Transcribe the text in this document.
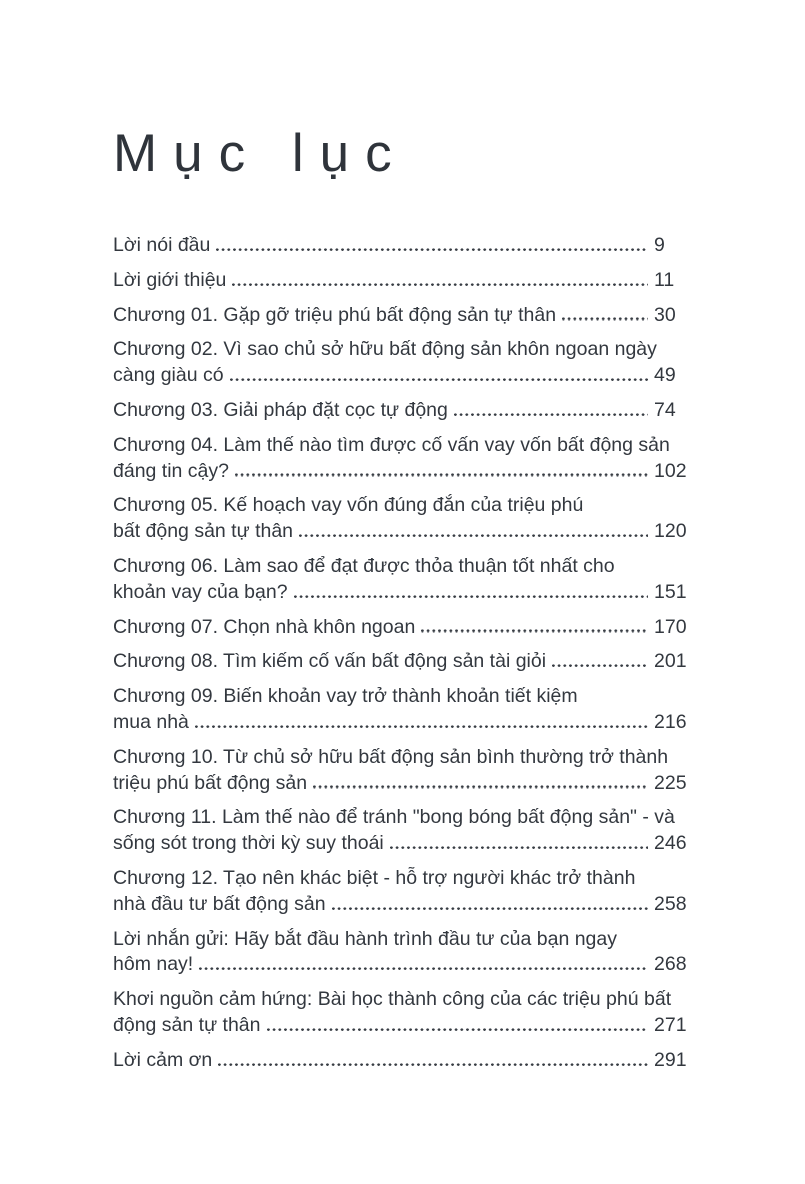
Mục lục
Lời nói đầu	9
Lời giới thiệu	11
Chương 01. Gặp gỡ triệu phú bất động sản tự thân	30
Chương 02. Vì sao chủ sở hữu bất động sản khôn ngoan ngày
càng giàu có	49
Chương 03. Giải pháp đặt cọc tự động	74
Chương 04. Làm thế nào tìm được cố vấn vay vốn bất động sản
đáng tin cậy?	102
Chương 05. Kế hoạch vay vốn đúng đắn của triệu phú
bất động sản tự thân	120
Chương 06. Làm sao để đạt được thỏa thuận tốt nhất cho
khoản vay của bạn?	151
Chương 07. Chọn nhà khôn ngoan	170
Chương 08. Tìm kiếm cố vấn bất động sản tài giỏi	201
Chương 09. Biến khoản vay trở thành khoản tiết kiệm
mua nhà	216
Chương 10. Từ chủ sở hữu bất động sản bình thường trở thành
triệu phú bất động sản	225
Chương 11. Làm thế nào để tránh "bong bóng bất động sản" - và
sống sót trong thời kỳ suy thoái	246
Chương 12. Tạo nên khác biệt - hỗ trợ người khác trở thành
nhà đầu tư bất động sản	258
Lời nhắn gửi: Hãy bắt đầu hành trình đầu tư của bạn ngay
hôm nay!	268
Khơi nguồn cảm hứng: Bài học thành công của các triệu phú bất
động sản tự thân	271
Lời cảm ơn	291
